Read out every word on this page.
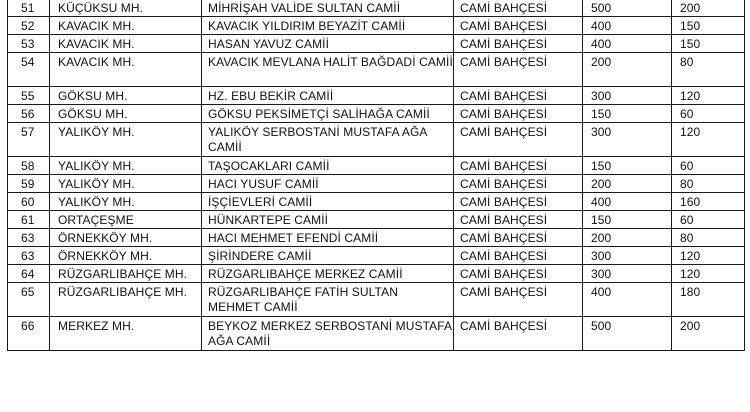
51	KÜÇÜKSU MH.	MİHRİŞAH VALİDE SULTAN CAMİİ	CAMİ BAHÇESİ	500	200
52	KAVACIK MH.	KAVACIK YILDIRIM BEYAZİT CAMİİ	CAMİ BAHÇESİ	400	150
53	KAVACIK MH.	HASAN YAVUZ CAMİİ	CAMİ BAHÇESİ	400	150
54	KAVACIK MH.	KAVACIK MEVLANA HALİT BAĞDADİ CAMİİ	CAMİ BAHÇESİ	200	80
55	GÖKSU MH.	HZ. EBU BEKİR CAMİİ	CAMİ BAHÇESİ	300	120
56	GÖKSU MH.	GÖKSU PEKSİMETÇİ SALİHAĞA CAMİİ	CAMİ BAHÇESİ	150	60
57	YALIKÖY MH.	YALIKÖY SERBOSTANİ MUSTAFA AĞA CAMİİ	CAMİ BAHÇESİ	300	120
58	YALIKÖY MH.	TAŞOCAKLARI CAMİİ	CAMİ BAHÇESİ	150	60
59	YALIKÖY MH.	HACI YUSUF CAMİİ	CAMİ BAHÇESİ	200	80
60	YALIKÖY MH.	İŞÇİEVLERİ CAMİİ	CAMİ BAHÇESİ	400	160
61	ORTAÇEŞME	HÜNKARTEPE CAMİİ	CAMİ BAHÇESİ	150	60
63	ÖRNEKKÖY MH.	HACI MEHMET EFENDİ CAMİİ	CAMİ BAHÇESİ	200	80
63	ÖRNEKKÖY MH.	ŞİRİNDERE CAMİİ	CAMİ BAHÇESİ	300	120
64	RÜZGARLIBAHÇE MH.	RÜZGARLIBAHÇE MERKEZ CAMİİ	CAMİ BAHÇESİ	300	120
65	RÜZGARLIBAHÇE MH.	RÜZGARLIBAHÇE FATİH SULTAN MEHMET CAMİİ	CAMİ BAHÇESİ	400	180
66	MERKEZ MH.	BEYKOZ MERKEZ SERBOSTANİ MUSTAFA AĞA CAMİİ	CAMİ BAHÇESİ	500	200
